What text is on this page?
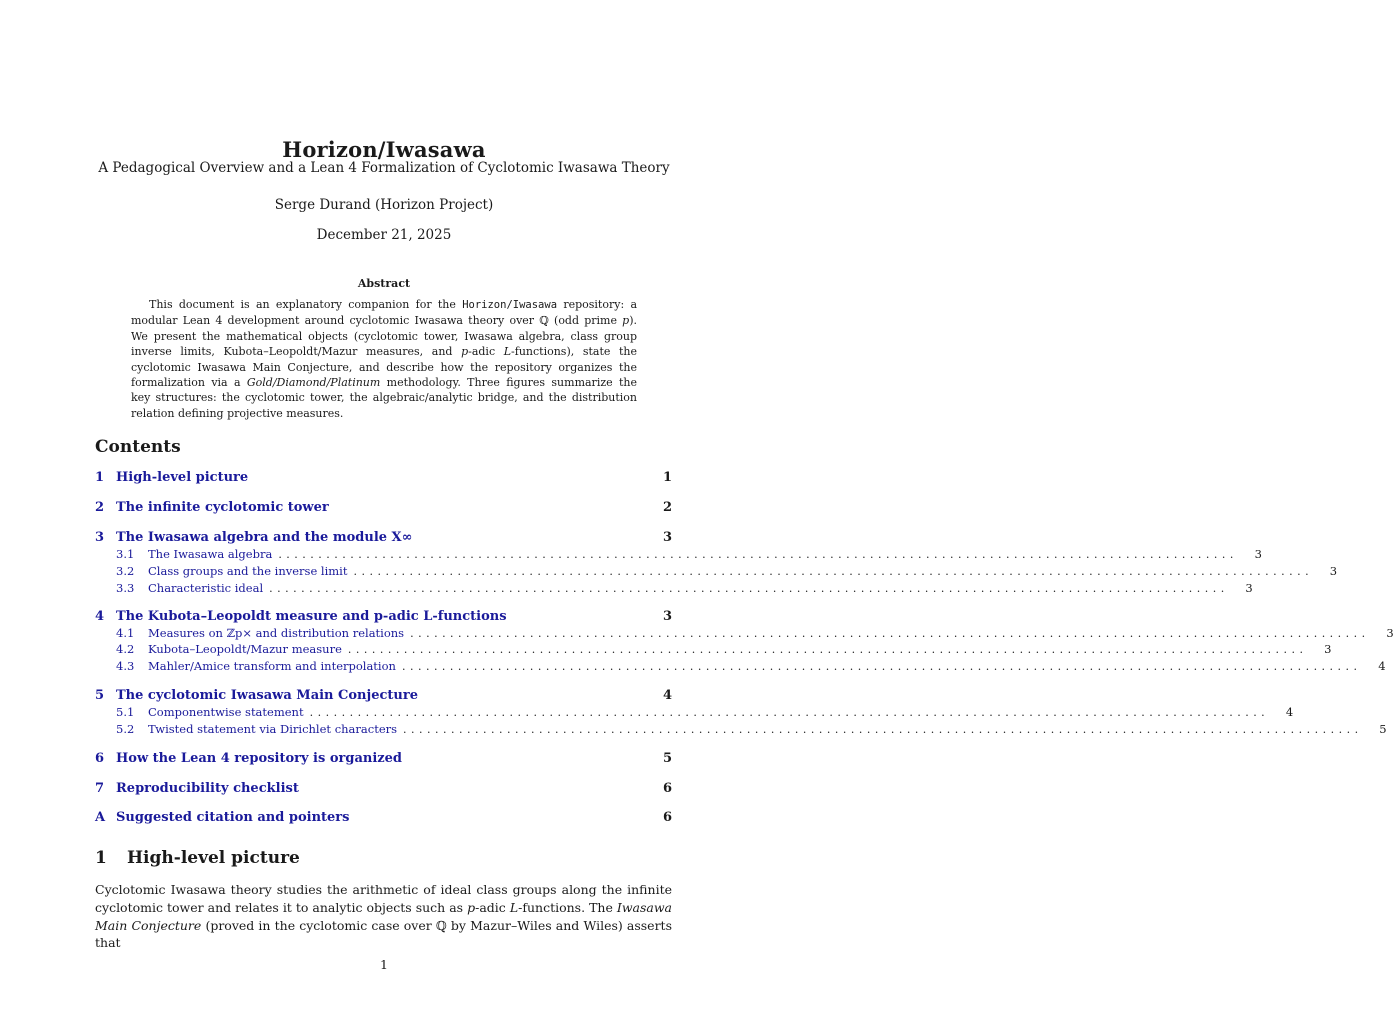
Horizon/Iwasawa
A Pedagogical Overview and a Lean 4 Formalization of Cyclotomic Iwasawa Theory
Serge Durand (Horizon Project)
December 21, 2025
Abstract
This document is an explanatory companion for the Horizon/Iwasawa repository: a modular Lean 4 development around cyclotomic Iwasawa theory over ℚ (odd prime p). We present the mathematical objects (cyclotomic tower, Iwasawa algebra, class group inverse limits, Kubota–Leopoldt/Mazur measures, and p-adic L-functions), state the cyclotomic Iwasawa Main Conjecture, and describe how the repository organizes the formalization via a Gold/Diamond/Platinum methodology. Three figures summarize the key structures: the cyclotomic tower, the algebraic/analytic bridge, and the distribution relation defining projective measures.
Contents
1 High-level picture	1
2 The infinite cyclotomic tower	2
3 The Iwasawa algebra and the module X∞	3
3.1	The Iwasawa algebra ........................................................................................................................ 3
3.2	Class groups and the inverse limit ........................................................................................................................ 3
3.3	Characteristic ideal ........................................................................................................................ 3
4 The Kubota–Leopoldt measure and p-adic L-functions	3
4.1	Measures on ℤp× and distribution relations ........................................................................................................................ 3
4.2	Kubota–Leopoldt/Mazur measure ........................................................................................................................ 3
4.3	Mahler/Amice transform and interpolation ........................................................................................................................ 4
5 The cyclotomic Iwasawa Main Conjecture	4
5.1	Componentwise statement ........................................................................................................................ 4
5.2	Twisted statement via Dirichlet characters ........................................................................................................................ 5
6 How the Lean 4 repository is organized	5
7 Reproducibility checklist	6
A Suggested citation and pointers	6
1 High-level picture
Cyclotomic Iwasawa theory studies the arithmetic of ideal class groups along the infinite cyclotomic tower and relates it to analytic objects such as p-adic L-functions. The Iwasawa Main Conjecture (proved in the cyclotomic case over ℚ by Mazur–Wiles and Wiles) asserts that
1
